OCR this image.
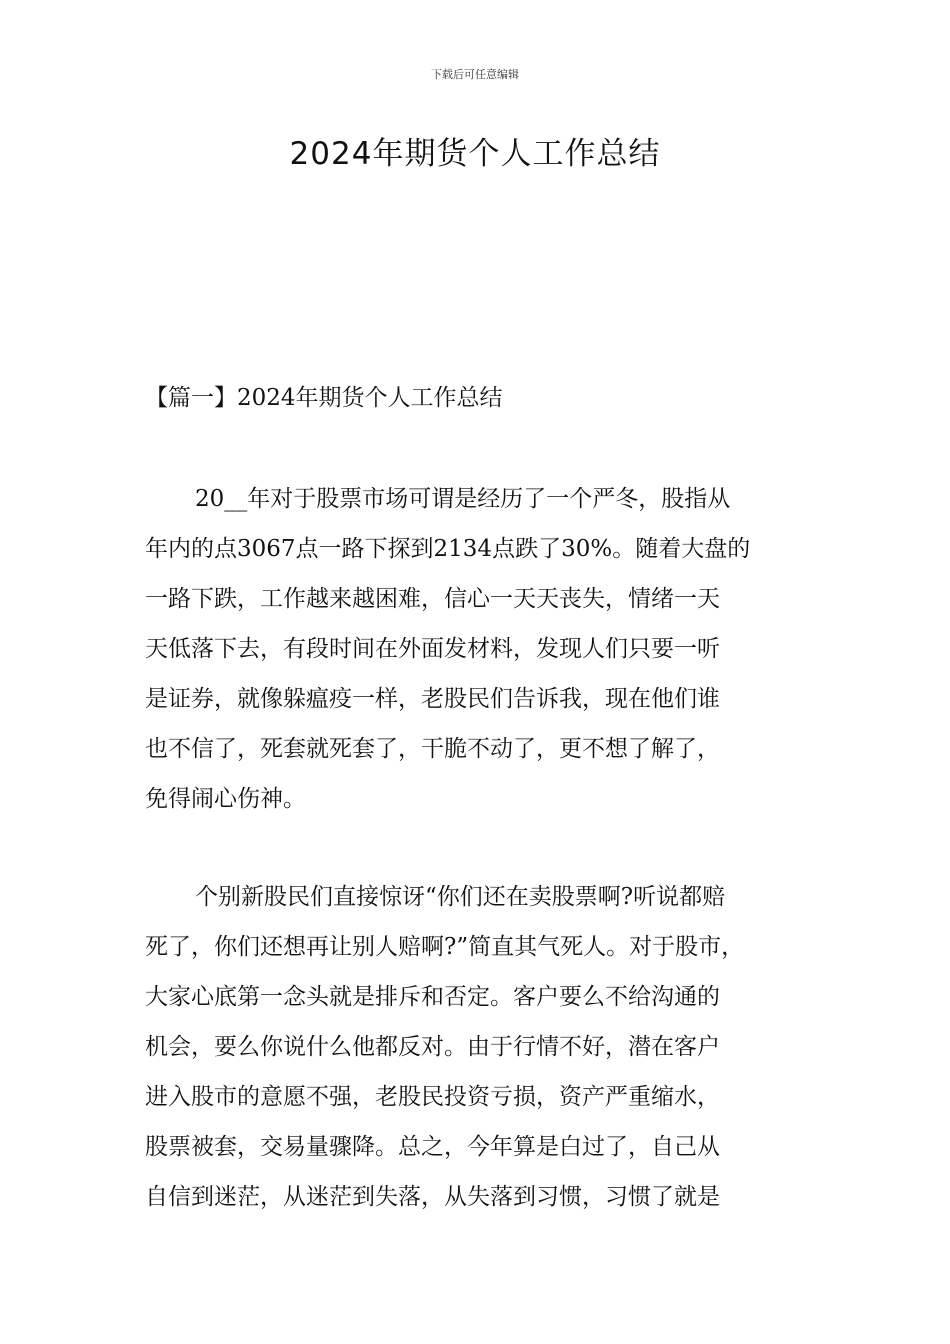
下载后可任意编辑
2024年期货个人工作总结
【篇一】2024年期货个人工作总结
20__年对于股票市场可谓是经历了一个严冬，股指从
年内的点3067点一路下探到2134点跌了30%。随着大盘的
一路下跌，工作越来越困难，信心一天天丧失，情绪一天
天低落下去，有段时间在外面发材料，发现人们只要一听
是证券，就像躲瘟疫一样，老股民们告诉我，现在他们谁
也不信了，死套就死套了，干脆不动了，更不想了解了，
免得闹心伤神。
个别新股民们直接惊讶“你们还在卖股票啊?听说都赔
死了，你们还想再让别人赔啊?”简直其气死人。对于股市，
大家心底第一念头就是排斥和否定。客户要么不给沟通的
机会，要么你说什么他都反对。由于行情不好，潜在客户
进入股市的意愿不强，老股民投资亏损，资产严重缩水，
股票被套，交易量骤降。总之，今年算是白过了，自己从
自信到迷茫，从迷茫到失落，从失落到习惯，习惯了就是
